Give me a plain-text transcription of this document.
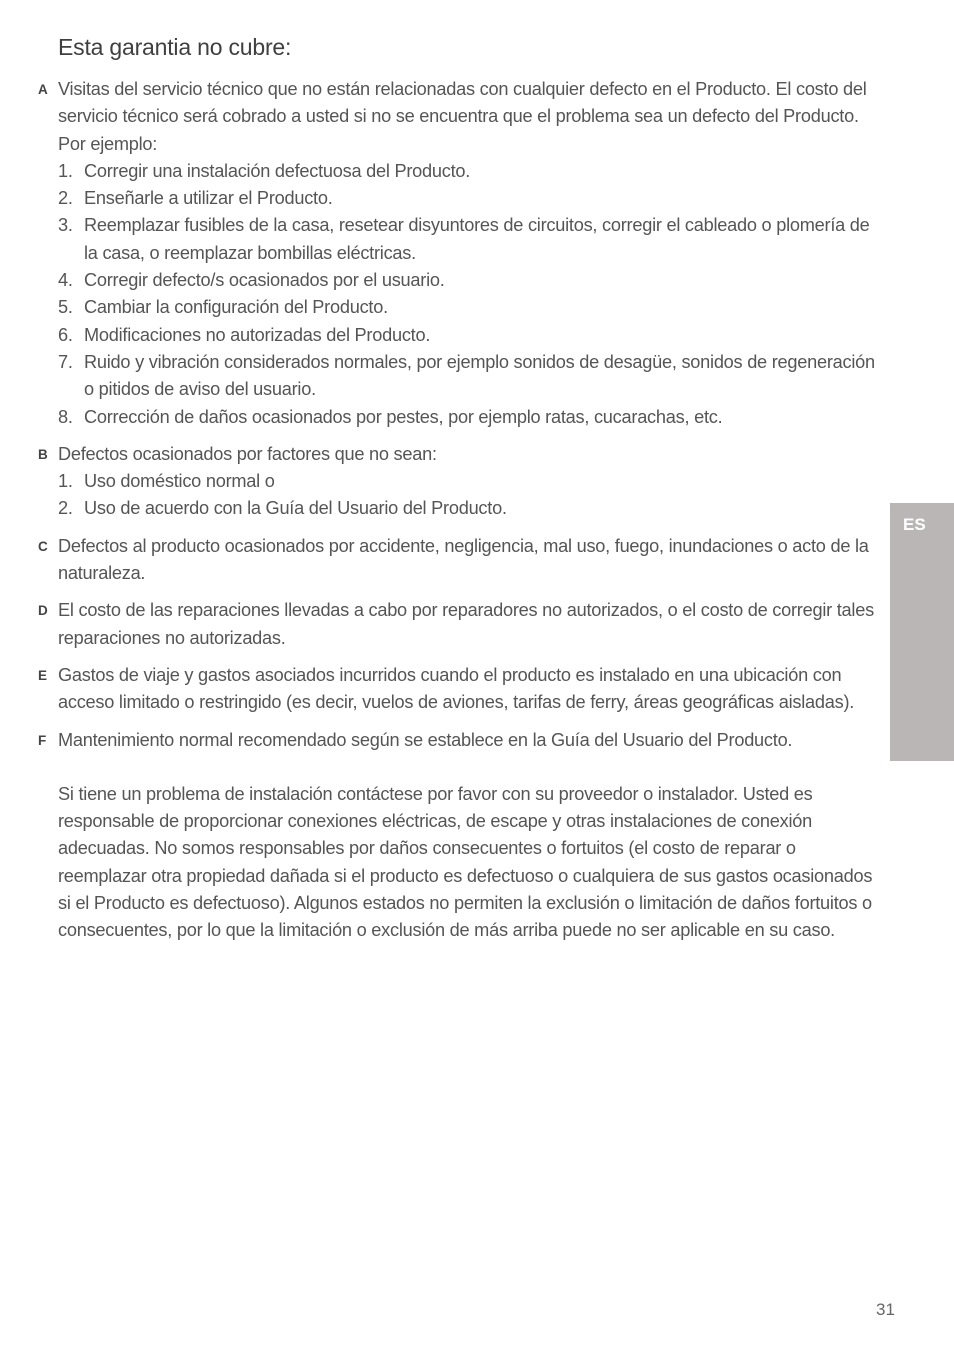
Esta garantia no cubre:
A Visitas del servicio técnico que no están relacionadas con cualquier defecto en el Producto. El costo del servicio técnico será cobrado a usted si no se encuentra que el problema sea un defecto del Producto. Por ejemplo:
1. Corregir una instalación defectuosa del Producto.
2. Enseñarle a utilizar el Producto.
3. Reemplazar fusibles de la casa, resetear disyuntores de circuitos, corregir el cableado o plomería de la casa, o reemplazar bombillas eléctricas.
4. Corregir defecto/s ocasionados por el usuario.
5. Cambiar la configuración del Producto.
6. Modificaciones no autorizadas del Producto.
7. Ruido y vibración considerados normales, por ejemplo sonidos de desagüe, sonidos de regeneración o pitidos de aviso del usuario.
8. Corrección de daños ocasionados por pestes, por ejemplo ratas, cucarachas, etc.
B Defectos ocasionados por factores que no sean:
1. Uso doméstico normal o
2. Uso de acuerdo con la Guía del Usuario del Producto.
C Defectos al producto ocasionados por accidente, negligencia, mal uso, fuego, inundaciones o acto de la naturaleza.
D El costo de las reparaciones llevadas a cabo por reparadores no autorizados, o el costo de corregir tales reparaciones no autorizadas.
E Gastos de viaje y gastos asociados incurridos cuando el producto es instalado en una ubicación con acceso limitado o restringido (es decir, vuelos de aviones, tarifas de ferry, áreas geográficas aisladas).
F Mantenimiento normal recomendado según se establece en la Guía del Usuario del Producto.

Si tiene un problema de instalación contáctese por favor con su proveedor o instalador. Usted es responsable de proporcionar conexiones eléctricas, de escape y otras instalaciones de conexión adecuadas. No somos responsables por daños consecuentes o fortuitos (el costo de reparar o reemplazar otra propiedad dañada si el producto es defectuoso o cualquiera de sus gastos ocasionados si el Producto es defectuoso). Algunos estados no permiten la exclusión o limitación de daños fortuitos o consecuentes, por lo que la limitación o exclusión de más arriba puede no ser aplicable en su caso.

ES
31
